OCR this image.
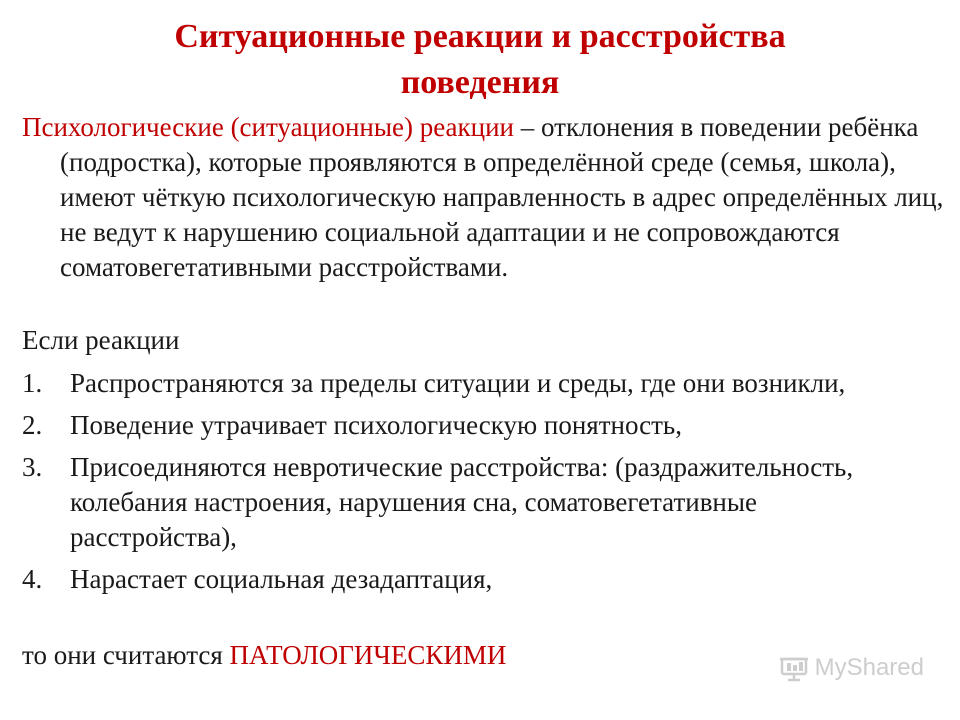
Ситуационные реакции и расстройства
поведения
Психологические (ситуационные) реакции – отклонения в поведении ребёнка (подростка), которые проявляются в определённой среде (семья, школа), имеют чёткую психологическую направленность в адрес определённых лиц, не ведут к нарушению социальной адаптации и не сопровождаются соматовегетативными расстройствами.
Если реакции
1. Распространяются за пределы ситуации и среды, где они возникли,
2. Поведение утрачивает психологическую понятность,
3. Присоединяются невротические расстройства: (раздражительность, колебания настроения, нарушения сна, соматовегетативные расстройства),
4. Нарастает социальная дезадаптация,
то они считаются ПАТОЛОГИЧЕСКИМИ	MyShared
